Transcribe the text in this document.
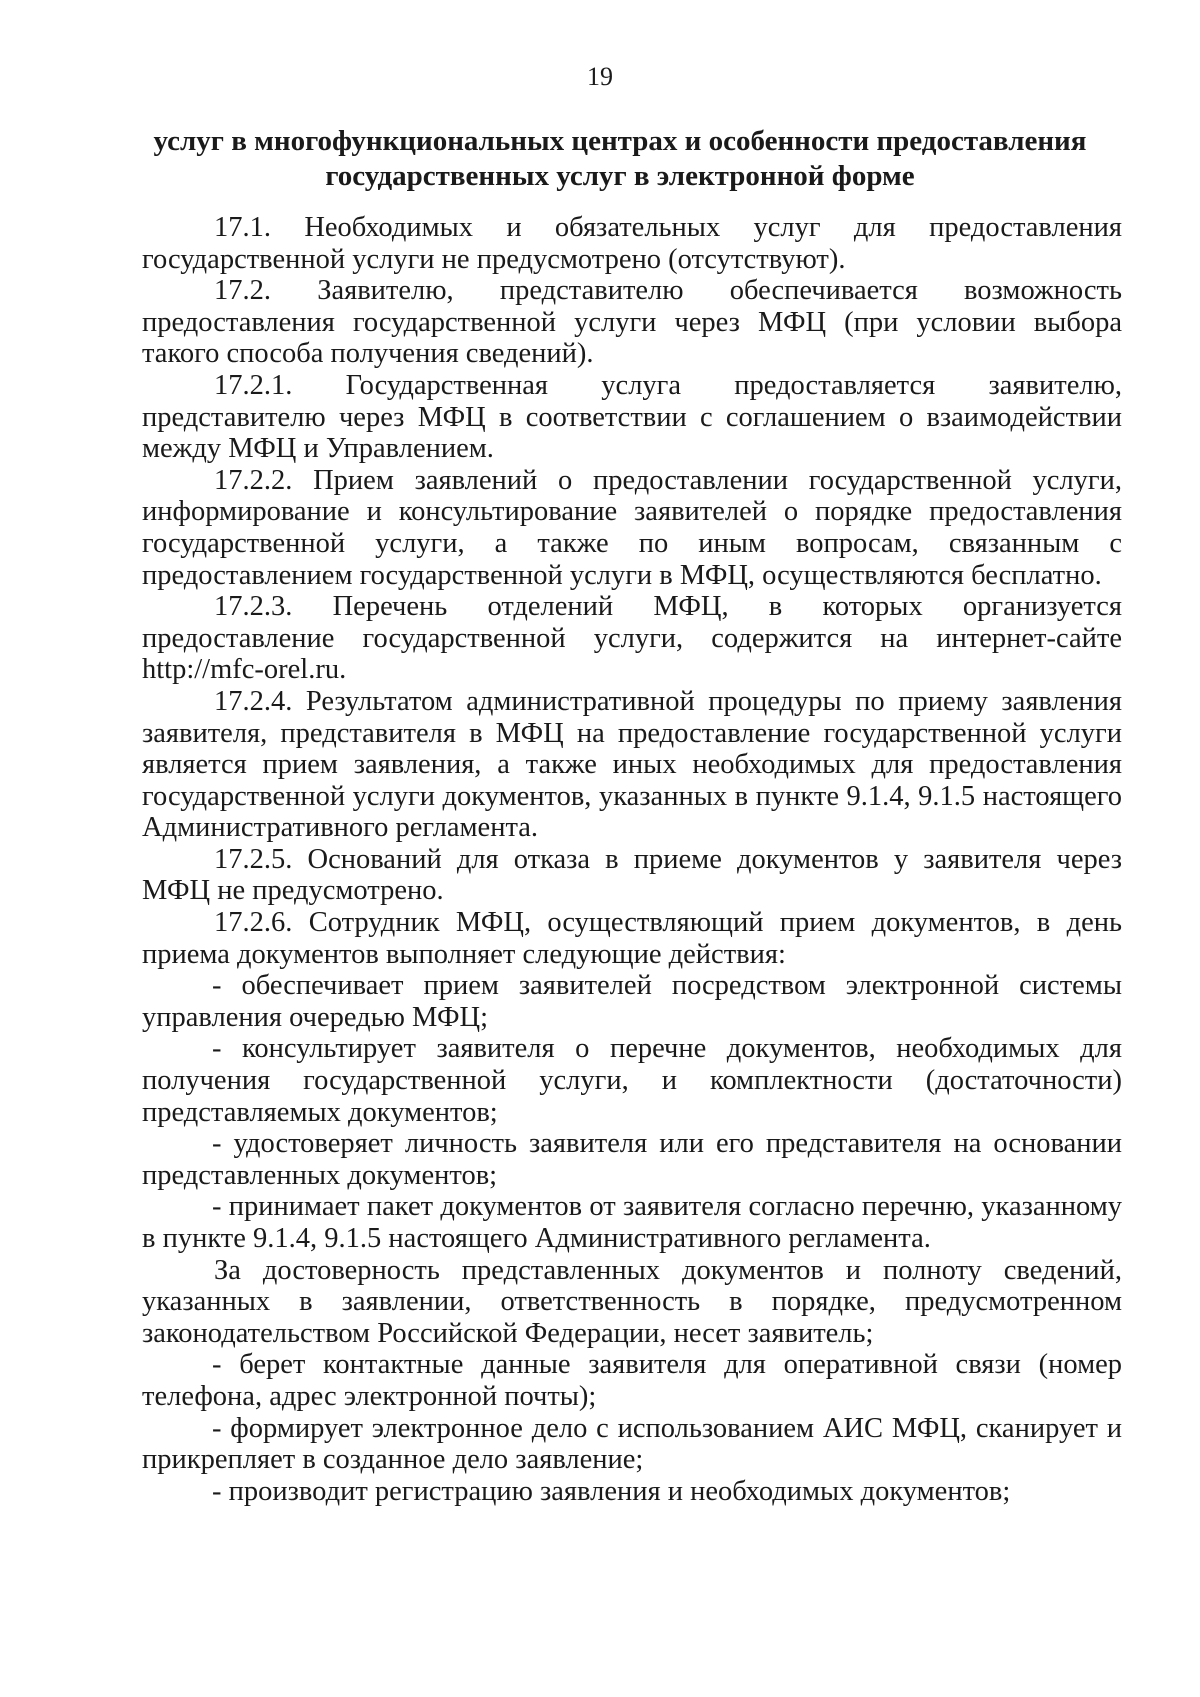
19
услуг в многофункциональных центрах и особенности предоставления
государственных услуг в электронной форме

17.1. Необходимых и обязательных услуг для предоставления государственной услуги не предусмотрено (отсутствуют).

17.2. Заявителю, представителю обеспечивается возможность предоставления государственной услуги через МФЦ (при условии выбора такого способа получения сведений).

17.2.1. Государственная услуга предоставляется заявителю, представителю через МФЦ в соответствии с соглашением о взаимодействии между МФЦ и Управлением.

17.2.2. Прием заявлений о предоставлении государственной услуги, информирование и консультирование заявителей о порядке предоставления государственной услуги, а также по иным вопросам, связанным с предоставлением государственной услуги в МФЦ, осуществляются бесплатно.

17.2.3. Перечень отделений МФЦ, в которых организуется предоставление государственной услуги, содержится на интернет-сайте http://mfc-orel.ru.

17.2.4. Результатом административной процедуры по приему заявления заявителя, представителя в МФЦ на предоставление государственной услуги является прием заявления, а также иных необходимых для предоставления государственной услуги документов, указанных в пункте 9.1.4, 9.1.5 настоящего Административного регламента.

17.2.5. Оснований для отказа в приеме документов у заявителя через МФЦ не предусмотрено.

17.2.6. Сотрудник МФЦ, осуществляющий прием документов, в день приема документов выполняет следующие действия:

- обеспечивает прием заявителей посредством электронной системы управления очередью МФЦ;

- консультирует заявителя о перечне документов, необходимых для получения государственной услуги, и комплектности (достаточности) представляемых документов;

- удостоверяет личность заявителя или его представителя на основании представленных документов;

- принимает пакет документов от заявителя согласно перечню, указанному в пункте 9.1.4, 9.1.5 настоящего Административного регламента.

За достоверность представленных документов и полноту сведений, указанных в заявлении, ответственность в порядке, предусмотренном законодательством Российской Федерации, несет заявитель;

- берет контактные данные заявителя для оперативной связи (номер телефона, адрес электронной почты);

- формирует электронное дело с использованием АИС МФЦ, сканирует и прикрепляет в созданное дело заявление;

- производит регистрацию заявления и необходимых документов;
